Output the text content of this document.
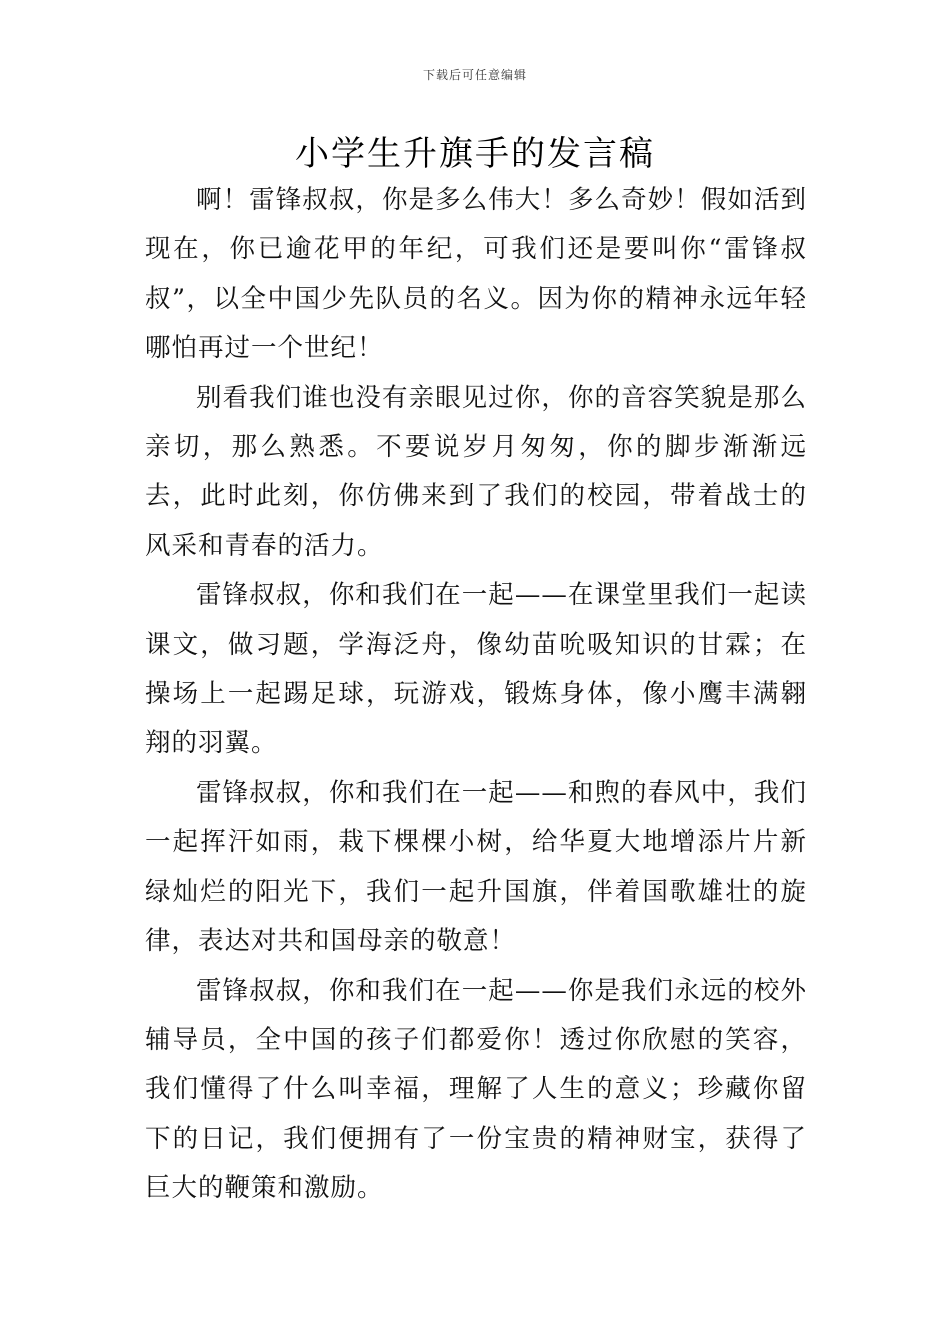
下载后可任意编辑
小学生升旗手的发言稿

啊！雷锋叔叔，你是多么伟大！多么奇妙！假如活到现在，你已逾花甲的年纪，可我们还是要叫你“雷锋叔叔”，以全中国少先队员的名义。因为你的精神永远年轻哪怕再过一个世纪！

别看我们谁也没有亲眼见过你，你的音容笑貌是那么亲切，那么熟悉。不要说岁月匆匆，你的脚步渐渐远去，此时此刻，你仿佛来到了我们的校园，带着战士的风采和青春的活力。

雷锋叔叔，你和我们在一起——在课堂里我们一起读课文，做习题，学海泛舟，像幼苗吮吸知识的甘霖；在操场上一起踢足球，玩游戏，锻炼身体，像小鹰丰满翱翔的羽翼。

雷锋叔叔，你和我们在一起——和煦的春风中，我们一起挥汗如雨，栽下棵棵小树，给华夏大地增添片片新绿灿烂的阳光下，我们一起升国旗，伴着国歌雄壮的旋律，表达对共和国母亲的敬意！

雷锋叔叔，你和我们在一起——你是我们永远的校外辅导员，全中国的孩子们都爱你！透过你欣慰的笑容，我们懂得了什么叫幸福，理解了人生的意义；珍藏你留下的日记，我们便拥有了一份宝贵的精神财宝，获得了巨大的鞭策和激励。
